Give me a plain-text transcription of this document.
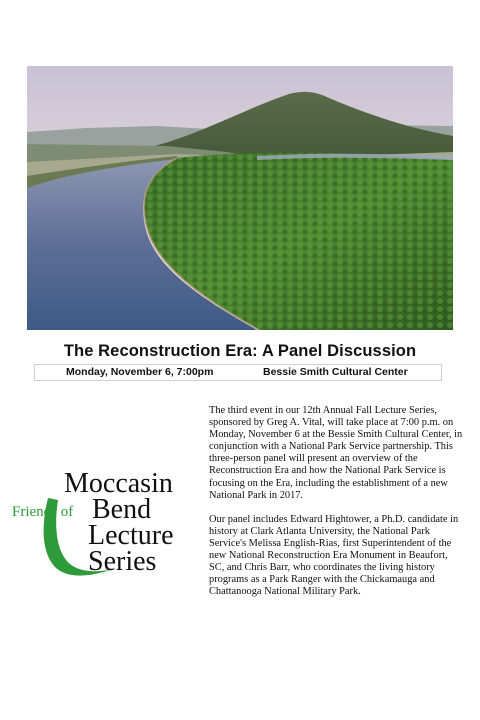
The Reconstruction Era: A Panel Discussion
Monday, November 6, 7:00pm	Bessie Smith Cultural Center
Moccasin
Friends of Bend
Lecture
Series

The third event in our 12th Annual Fall Lecture Series, sponsored by Greg A. Vital, will take place at 7:00 p.m. on Monday, November 6 at the Bessie Smith Cultural Center, in conjunction with a National Park Service partnership. This three-person panel will present an overview of the Reconstruction Era and how the National Park Service is focusing on the Era, including the establishment of a new National Park in 2017.

Our panel includes Edward Hightower, a Ph.D. candidate in history at Clark Atlanta University, the National Park Service's Melissa English-Rias, first Superintendent of the new National Reconstruction Era Monument in Beaufort, SC, and Chris Barr, who coordinates the living history programs as a Park Ranger with the Chickamauga and Chattanooga National Military Park.
